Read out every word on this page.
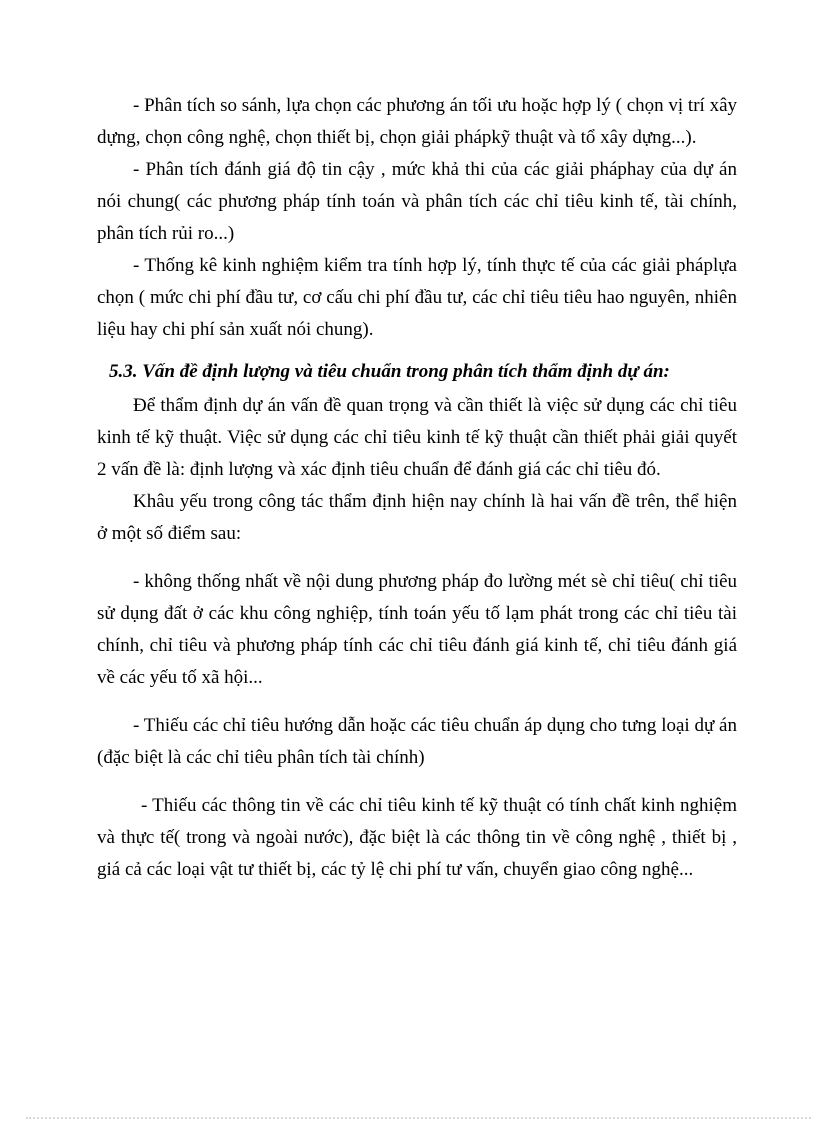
- Phân tích so sánh, lựa chọn các phương án tối ưu hoặc hợp lý ( chọn vị trí xây dựng, chọn công nghệ, chọn thiết bị, chọn giải phápkỹ thuật và tổ xây dựng...).

- Phân tích đánh giá độ tin cậy , mức khả thi của các giải pháphay của dự án nói chung( các phương pháp tính toán và phân tích các chỉ tiêu kinh tế, tài chính, phân tích rủi ro...)

- Thống kê kinh nghiệm kiểm tra tính hợp lý, tính thực tế của các giải pháplựa chọn ( mức chi phí đầu tư, cơ cấu chi phí đầu tư, các chỉ tiêu tiêu hao nguyên, nhiên liệu hay chi phí sản xuất nói chung).

5.3. Vấn đề định lượng và tiêu chuẩn trong phân tích thẩm định dự án:

Để thẩm định dự án vấn đề quan trọng và cần thiết là việc sử dụng các chỉ tiêu kinh tế kỹ thuật. Việc sử dụng các chỉ tiêu kinh tế kỹ thuật cần thiết phải giải quyết 2 vấn đề là: định lượng và xác định tiêu chuẩn để đánh giá các chỉ tiêu đó.

Khâu yếu trong công tác thẩm định hiện nay chính là hai vấn đề trên, thể hiện ở một số điểm sau:

- không thống nhất về nội dung phương pháp đo lường mét sè chỉ tiêu( chỉ tiêu sử dụng đất ở các khu công nghiệp, tính toán yếu tố lạm phát trong các chỉ tiêu tài chính, chỉ tiêu và phương pháp tính các chỉ tiêu đánh giá kinh tế, chỉ tiêu đánh giá về các yếu tố xã hội...

- Thiếu các chỉ tiêu hướng dẫn hoặc các tiêu chuẩn áp dụng cho tưng loại dự án (đặc biệt là các chỉ tiêu phân tích tài chính)

- Thiếu các thông tin về các chỉ tiêu kinh tế kỹ thuật có tính chất kinh nghiệm và thực tế( trong và ngoài nước), đặc biệt là các thông tin về công nghệ , thiết bị , giá cả các loại vật tư thiết bị, các tỷ lệ chi phí tư vấn, chuyển giao công nghệ...
